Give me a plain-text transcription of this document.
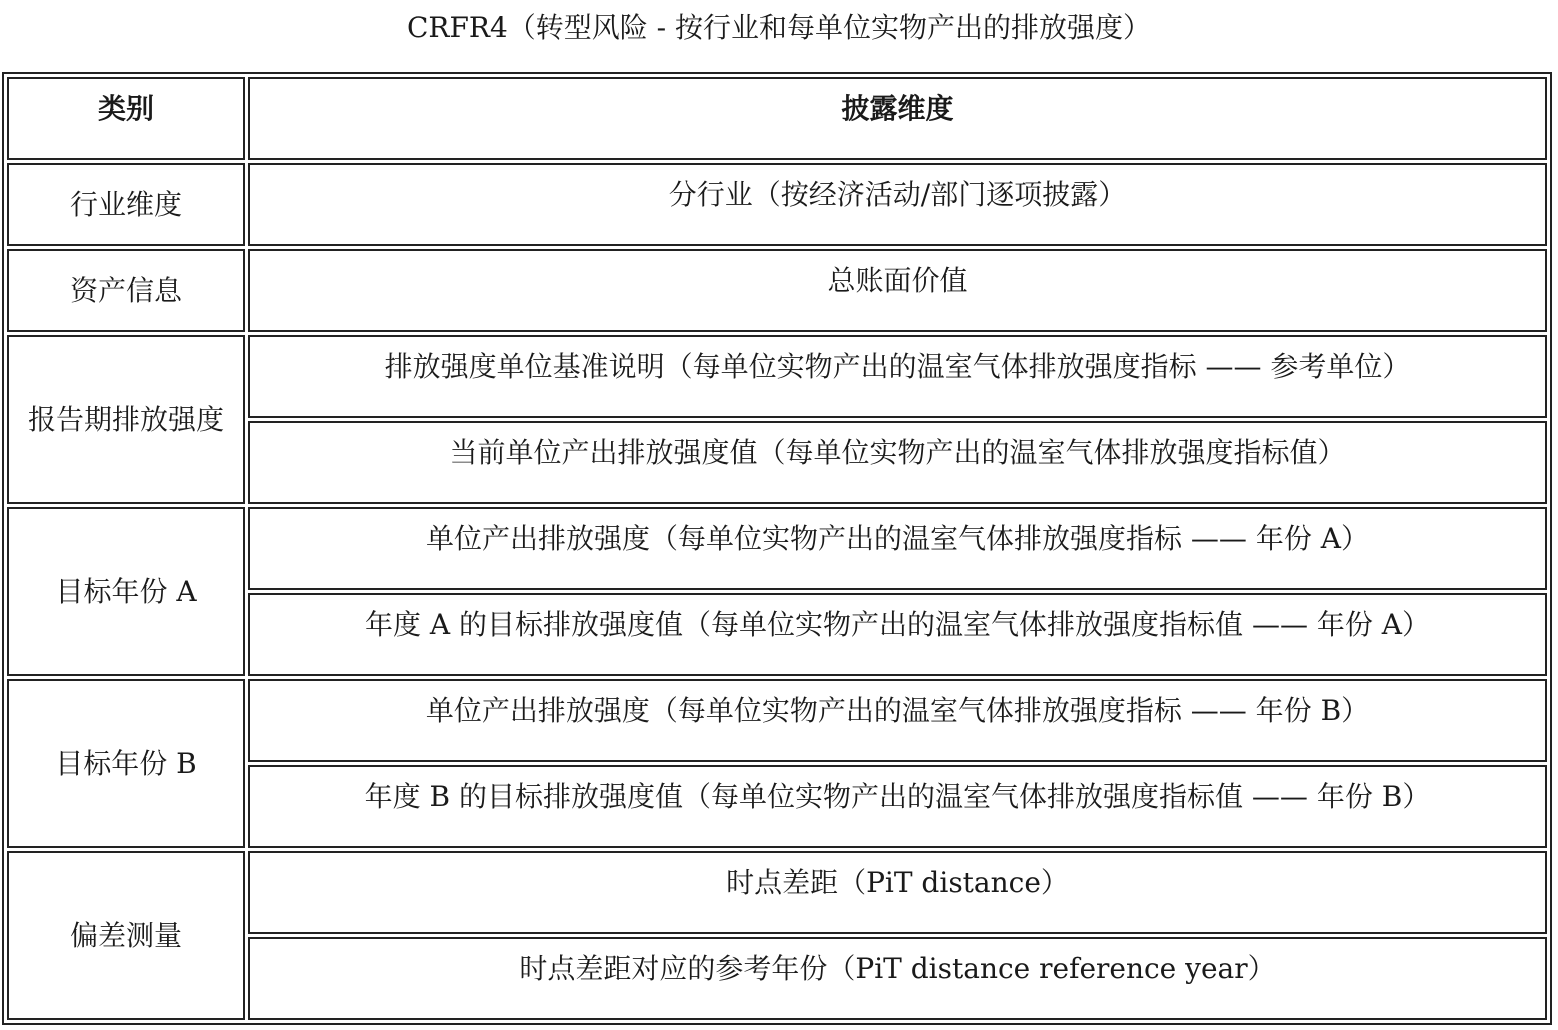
CRFR4（转型风险 - 按行业和每单位实物产出的排放强度）
类别	披露维度

行业维度	分行业（按经济活动/部门逐项披露）

资产信息	总账面价值

报告期排放强度	排放强度单位基准说明（每单位实物产出的温室气体排放强度指标 —— 参考单位）

	当前单位产出排放强度值（每单位实物产出的温室气体排放强度指标值）

目标年份 A	单位产出排放强度（每单位实物产出的温室气体排放强度指标 —— 年份 A）

	年度 A 的目标排放强度值（每单位实物产出的温室气体排放强度指标值 —— 年份 A）

目标年份 B	单位产出排放强度（每单位实物产出的温室气体排放强度指标 —— 年份 B）

	年度 B 的目标排放强度值（每单位实物产出的温室气体排放强度指标值 —— 年份 B）

偏差测量	时点差距（PiT distance）

	时点差距对应的参考年份（PiT distance reference year）
